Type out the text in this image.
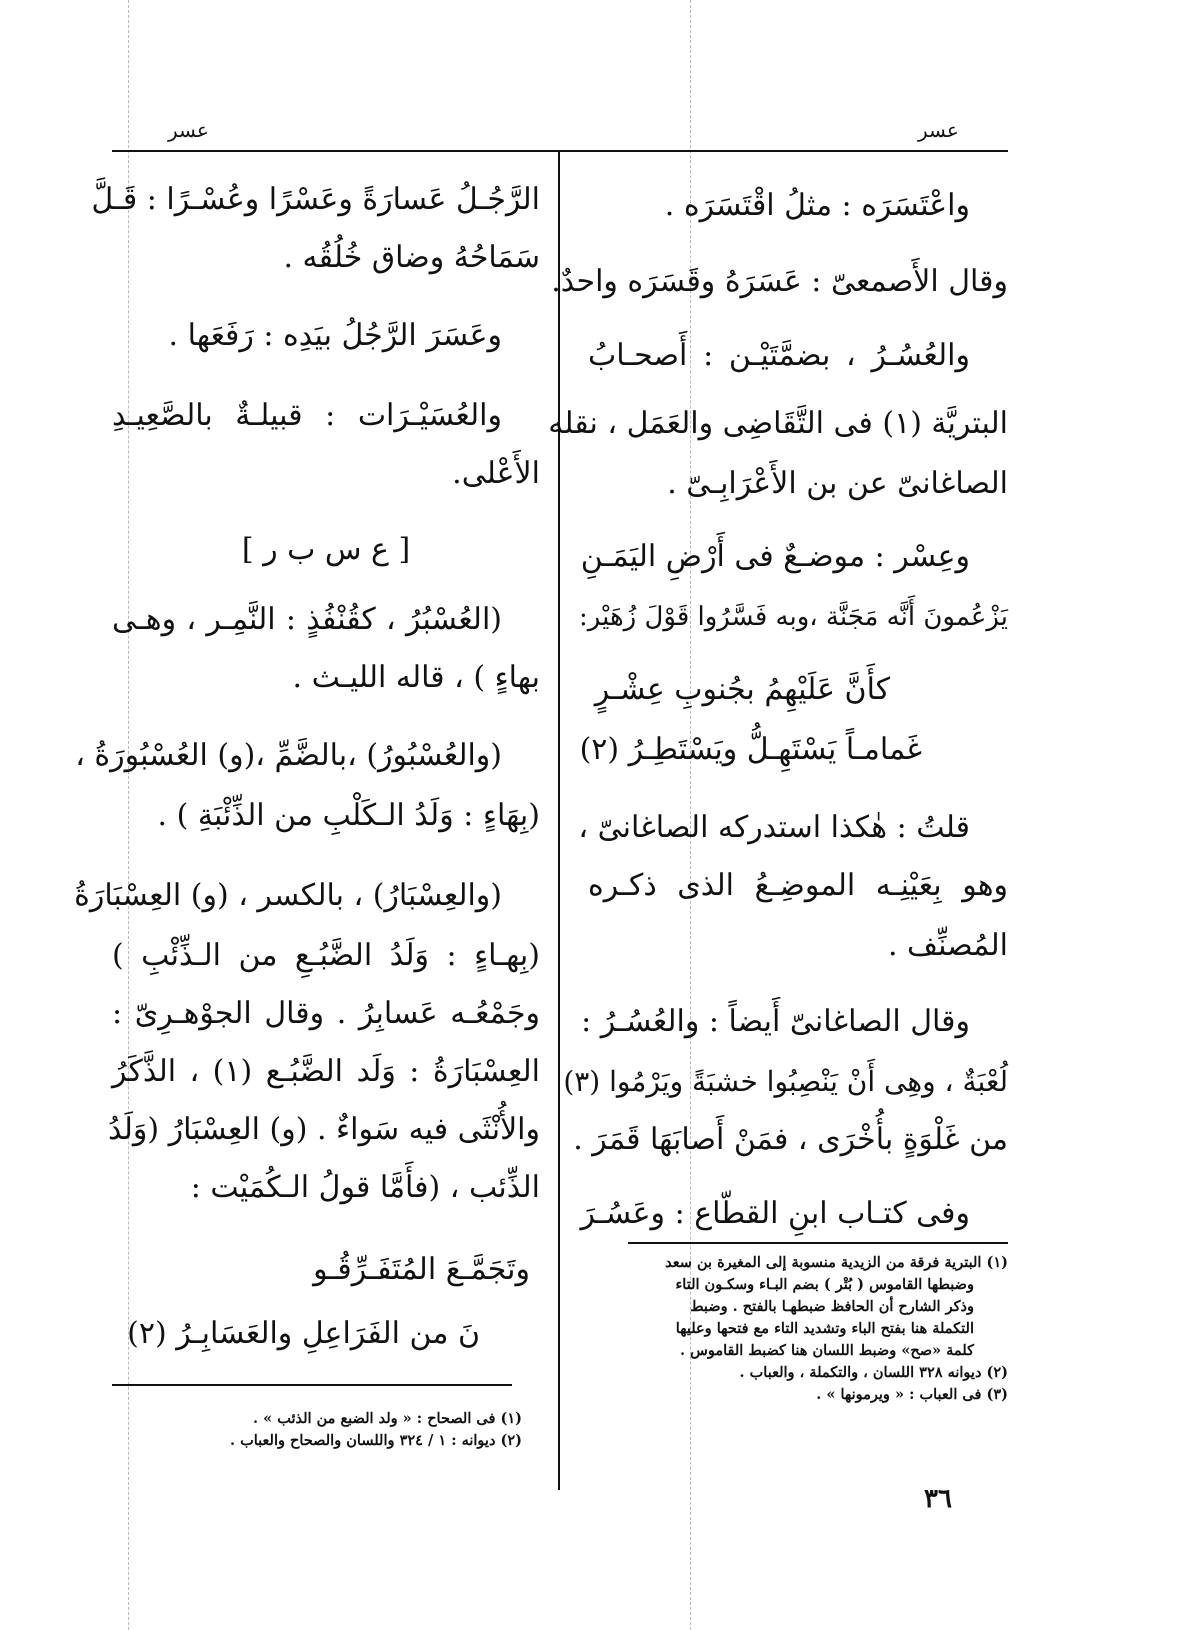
عسر	عسر
واعْتَسَرَه : مثلُ اقْتَسَرَه .
وقال الأَصمعىّ : عَسَرَهُ وقَسَرَه واحدٌ.
والعُسُـرُ ، بضمَّتَيْـن : أَصحـابُ
البتريَّة (١) فى التَّقَاضِى والعَمَل ، نقله
الصاغانىّ عن بن الأَعْرَابِـىّ .
وعِسْر : موضـعٌ فى أَرْضِ اليَمَـنِ
يَزْعُمونَ أَنَّه مَجَنَّة ،وبه فَسَّرُوا قَوْلَ زُهَيْر:
كأَنَّ عَلَيْهِمُ بجُنوبِ عِشْـرٍ
غَمامـاً يَسْتَهِـلُّ ويَسْتَطِـرُ (٢)
قلتُ : هٰكذا استدركه الصاغانىّ ،
وهو بِعَيْنِـه الموضِـعُ الذى ذكـره
المُصنِّف .
وقال الصاغانىّ أَيضاً : والعُسُـرُ :
لُعْبَةٌ ، وهِى أَنْ يَنْصِبُوا خشبَةً ويَرْمُوا (٣)
من غَلْوَةٍ بأُخْرَى ، فمَنْ أَصابَهَا قَمَرَ .
وفى كتـاب ابنِ القطّاع : وعَسُـرَ
(١) البترية فرقة من الزيدية منسوبة إلى المغيرة بن سعد
وضبطها القاموس ( بُتْر ) بضم البـاء وسكـون التاء
وذكر الشارح أن الحافظ ضبطهـا بالفتح . وضبط
التكملة هنا بفتح الباء وتشديد التاء مع فتحها وعليها
كلمة «صح» وضبط اللسان هنا كضبط القاموس .
(٢) ديوانه ٣٢٨ اللسان ، والتكملة ، والعباب .
(٣) فى العباب : « ويرمونها » .
الرَّجُـلُ عَسارَةً وعَسْرًا وعُسْـرًا : قَـلَّ
سَمَاحُهُ وضاق خُلُقُه .
وعَسَرَ الرَّجُلُ بيَدِه : رَفَعَها .
والعُسَيْـرَات : قبيلـةٌ بالصَّعِيـدِ
الأَعْلى.
[ ع س ب ر ]
(العُسْبُرُ ، كقُنْفُذٍ : النَّمِـر ، وهـى
بهاءٍ ) ، قاله الليـث .
(والعُسْبُورُ) ،بالضَّمِّ ،(و) العُسْبُورَةُ ،
(بِهَاءٍ : وَلَدُ الـكَلْبِ من الذِّئْبَةِ ) .
(والعِسْبَارُ) ، بالكسر ، (و) العِسْبَارَةُ
(بِهـاءٍ : وَلَدُ الضَّبُـعِ من الـذِّئْبِ )
وجَمْعُـه عَسابِرُ . وقال الجوْهـرِىّ :
العِسْبَارَةُ : وَلَد الضَّبُـع (١) ، الذَّكَرُ
والأُنْثَى فيه سَواءٌ . (و) العِسْبَارُ (وَلَدُ
الذِّئب ، (فأَمَّا قولُ الـكُمَيْت :
وتَجَمَّـعَ المُتَفَـرِّقُـو
نَ من الفَرَاعِلِ والعَسَابِـرُ (٢)
(١) فى الصحاح : « ولد الضبع من الذئب » .
(٢) ديوانه : ١ / ٣٢٤ واللسان والصحاح والعباب .
٣٦
